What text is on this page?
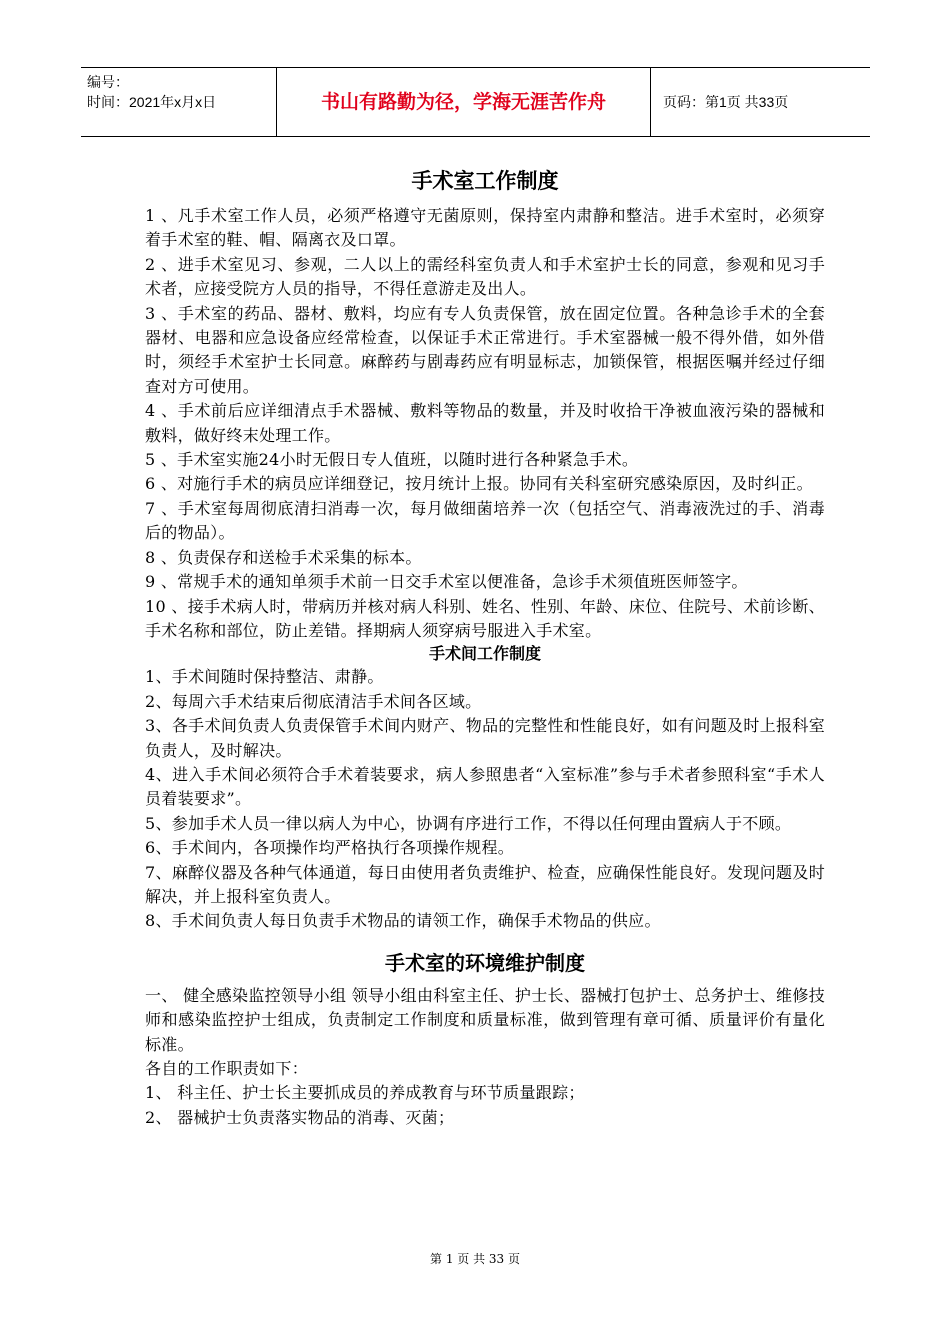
编号：
时间：2021年x月x日	书山有路勤为径，学海无涯苦作舟	页码：第1页 共33页
手术室工作制度

1 、凡手术室工作人员，必须严格遵守无菌原则，保持室内肃静和整洁。进手术室时，必须穿着手术室的鞋、帽、隔离衣及口罩。

2 、进手术室见习、参观，二人以上的需经科室负责人和手术室护士长的同意，参观和见习手术者，应接受院方人员的指导，不得任意游走及出人。

3 、手术室的药品、器材、敷料，均应有专人负责保管，放在固定位置。各种急诊手术的全套器材、电器和应急设备应经常检查，以保证手术正常进行。手术室器械一般不得外借，如外借时，须经手术室护士长同意。麻醉药与剧毒药应有明显标志，加锁保管，根据医嘱并经过仔细查对方可使用。

4 、手术前后应详细清点手术器械、敷料等物品的数量，并及时收拾干净被血液污染的器械和敷料，做好终末处理工作。

5 、手术室实施24小时无假日专人值班，以随时进行各种紧急手术。

6 、对施行手术的病员应详细登记，按月统计上报。协同有关科室研究感染原因，及时纠正。

7 、手术室每周彻底清扫消毒一次，每月做细菌培养一次（包括空气、消毒液洗过的手、消毒后的物品）。

8 、负责保存和送检手术采集的标本。

9 、常规手术的通知单须手术前一日交手术室以便准备，急诊手术须值班医师签字。

10 、接手术病人时，带病历并核对病人科别、姓名、性别、年龄、床位、住院号、术前诊断、手术名称和部位，防止差错。择期病人须穿病号服进入手术室。

手术间工作制度

1、手术间随时保持整洁、肃静。

2、每周六手术结束后彻底清洁手术间各区域。

3、各手术间负责人负责保管手术间内财产、物品的完整性和性能良好，如有问题及时上报科室负责人，及时解决。

4、进入手术间必须符合手术着装要求，病人参照患者“入室标准”参与手术者参照科室“手术人员着装要求”。

5、参加手术人员一律以病人为中心，协调有序进行工作，不得以任何理由置病人于不顾。

6、手术间内，各项操作均严格执行各项操作规程。

7、麻醉仪器及各种气体通道，每日由使用者负责维护、检查，应确保性能良好。发现问题及时解决，并上报科室负责人。

8、手术间负责人每日负责手术物品的请领工作，确保手术物品的供应。

手术室的环境维护制度

一、 健全感染监控领导小组 领导小组由科室主任、护士长、器械打包护士、总务护士、维修技师和感染监控护士组成，负责制定工作制度和质量标准，做到管理有章可循、质量评价有量化标准。

各自的工作职责如下：

1、 科主任、护士长主要抓成员的养成教育与环节质量跟踪；

2、 器械护士负责落实物品的消毒、灭菌；

第 1 页 共 33 页
